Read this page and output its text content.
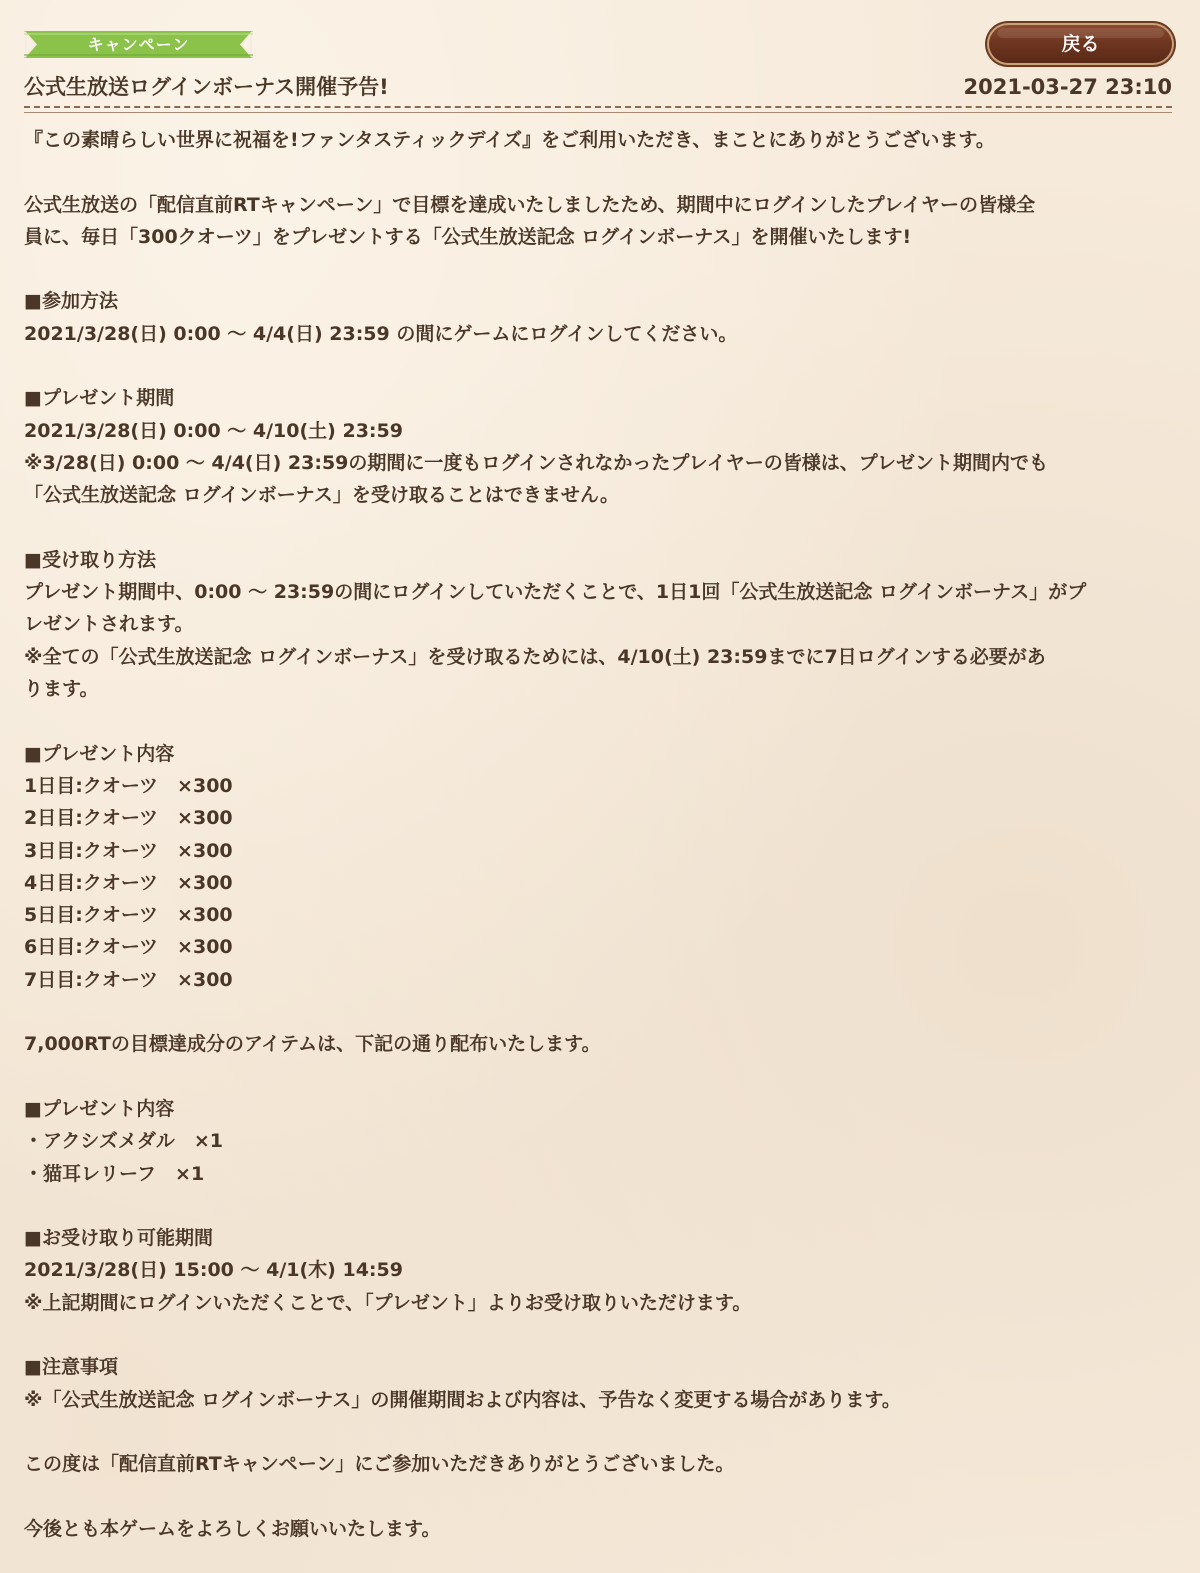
キャンペーン	戻る
公式生放送ログインボーナス開催予告!	2021-03-27 23:10
『この素晴らしい世界に祝福を!ファンタスティックデイズ』をご利用いただき、まことにありがとうございます。
公式生放送の「配信直前RTキャンペーン」で目標を達成いたしましたため、期間中にログインしたプレイヤーの皆様全
員に、毎日「300クオーツ」をプレゼントする「公式生放送記念 ログインボーナス」を開催いたします!
■参加方法
2021/3/28(日) 0:00 〜 4/4(日) 23:59 の間にゲームにログインしてください。
■プレゼント期間
2021/3/28(日) 0:00 〜 4/10(土) 23:59
※3/28(日) 0:00 〜 4/4(日) 23:59の期間に一度もログインされなかったプレイヤーの皆様は、プレゼント期間内でも
「公式生放送記念 ログインボーナス」を受け取ることはできません。
■受け取り方法
プレゼント期間中、0:00 〜 23:59の間にログインしていただくことで、1日1回「公式生放送記念 ログインボーナス」がプ
レゼントされます。
※全ての「公式生放送記念 ログインボーナス」を受け取るためには、4/10(土) 23:59までに7日ログインする必要があ
ります。
■プレゼント内容
1日目:クオーツ　×300
2日目:クオーツ　×300
3日目:クオーツ　×300
4日目:クオーツ　×300
5日目:クオーツ　×300
6日目:クオーツ　×300
7日目:クオーツ　×300
7,000RTの目標達成分のアイテムは、下記の通り配布いたします。
■プレゼント内容
・アクシズメダル　×1
・猫耳レリーフ　×1
■お受け取り可能期間
2021/3/28(日) 15:00 〜 4/1(木) 14:59
※上記期間にログインいただくことで、「プレゼント」よりお受け取りいただけます。
■注意事項
※「公式生放送記念 ログインボーナス」の開催期間および内容は、予告なく変更する場合があります。
この度は「配信直前RTキャンペーン」にご参加いただきありがとうございました。
今後とも本ゲームをよろしくお願いいたします。
